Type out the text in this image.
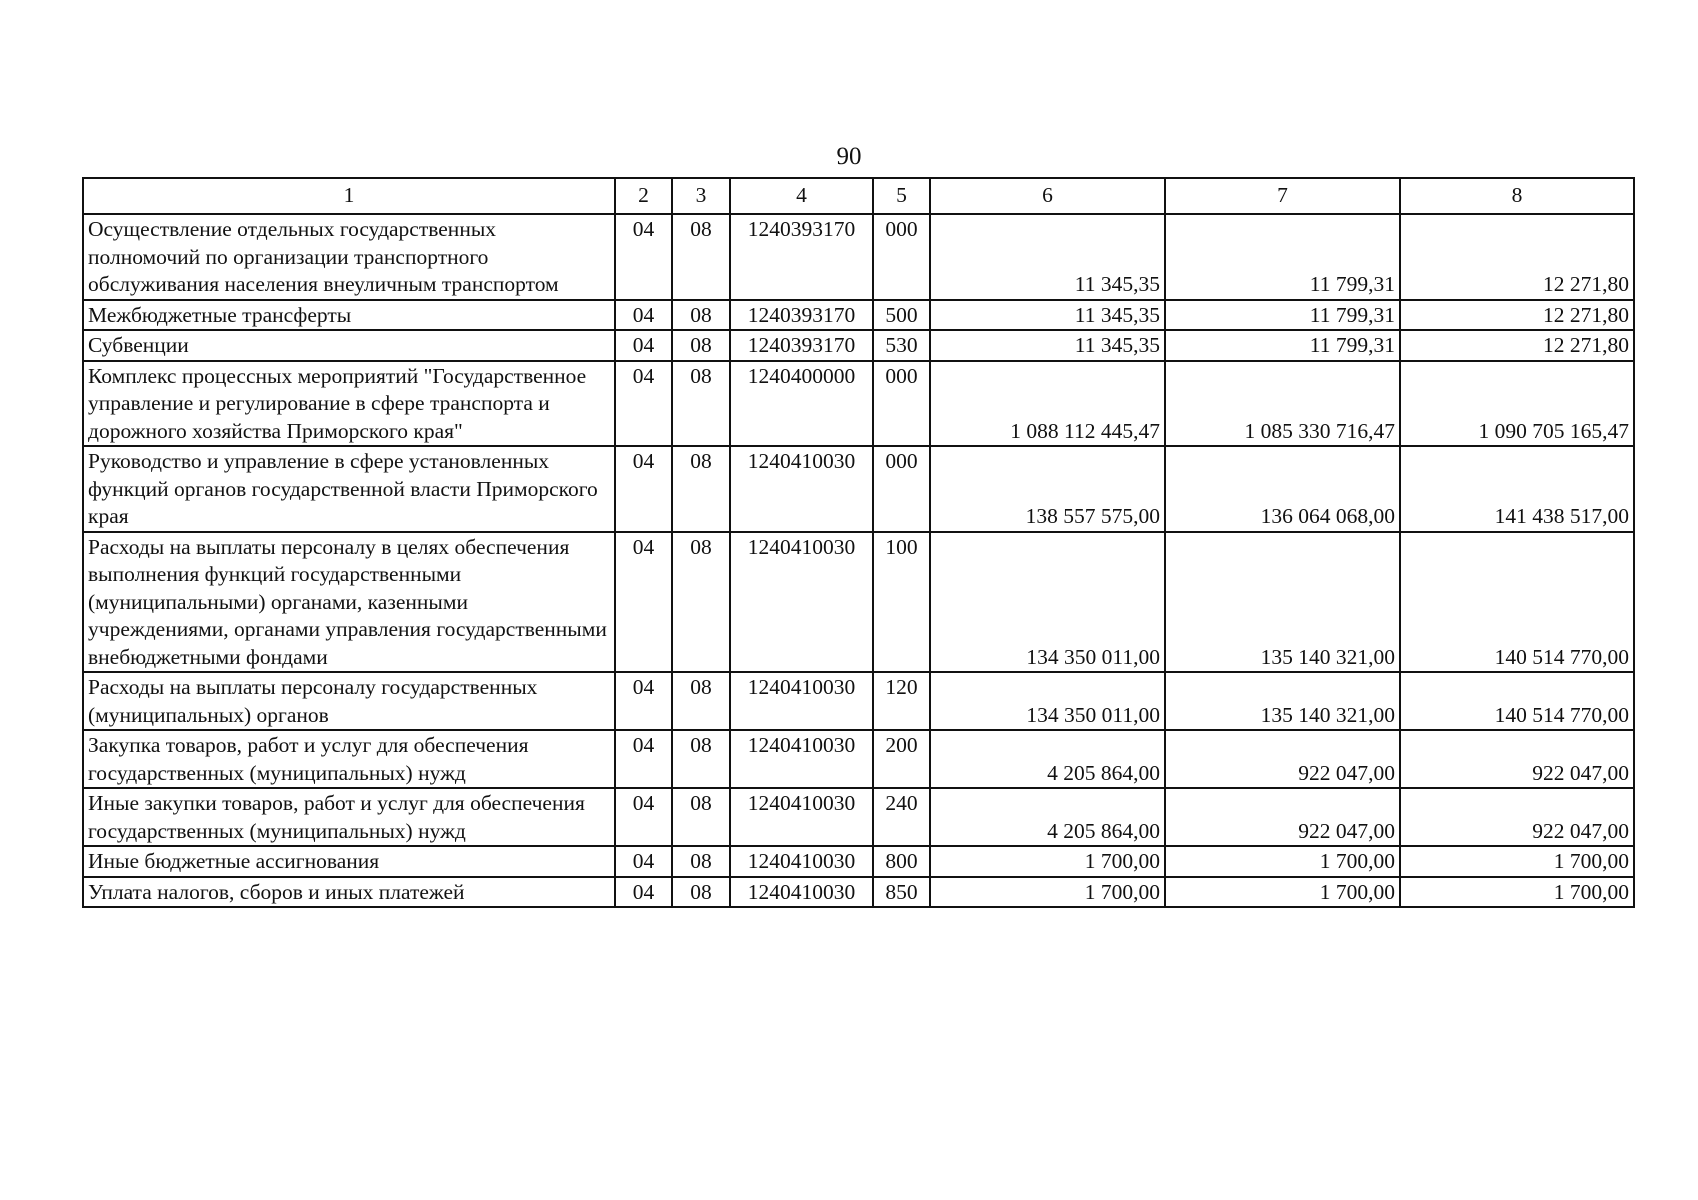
90
1	2	3	4	5	6	7	8
Осуществление отдельных государственных полномочий по организации транспортного обслуживания населения внеуличным транспортом	04	08	1240393170	000	11 345,35	11 799,31	12 271,80
Межбюджетные трансферты	04	08	1240393170	500	11 345,35	11 799,31	12 271,80
Субвенции	04	08	1240393170	530	11 345,35	11 799,31	12 271,80
Комплекс процессных мероприятий "Государственное управление и регулирование в сфере транспорта и дорожного хозяйства Приморского края"	04	08	1240400000	000	1 088 112 445,47	1 085 330 716,47	1 090 705 165,47
Руководство и управление в сфере установленных функций органов государственной власти Приморского края	04	08	1240410030	000	138 557 575,00	136 064 068,00	141 438 517,00
Расходы на выплаты персоналу в целях обеспечения выполнения функций государственными (муниципальными) органами, казенными учреждениями, органами управления государственными внебюджетными фондами	04	08	1240410030	100	134 350 011,00	135 140 321,00	140 514 770,00
Расходы на выплаты персоналу государственных (муниципальных) органов	04	08	1240410030	120	134 350 011,00	135 140 321,00	140 514 770,00
Закупка товаров, работ и услуг для обеспечения государственных (муниципальных) нужд	04	08	1240410030	200	4 205 864,00	922 047,00	922 047,00
Иные закупки товаров, работ и услуг для обеспечения государственных (муниципальных) нужд	04	08	1240410030	240	4 205 864,00	922 047,00	922 047,00
Иные бюджетные ассигнования	04	08	1240410030	800	1 700,00	1 700,00	1 700,00
Уплата налогов, сборов и иных платежей	04	08	1240410030	850	1 700,00	1 700,00	1 700,00
